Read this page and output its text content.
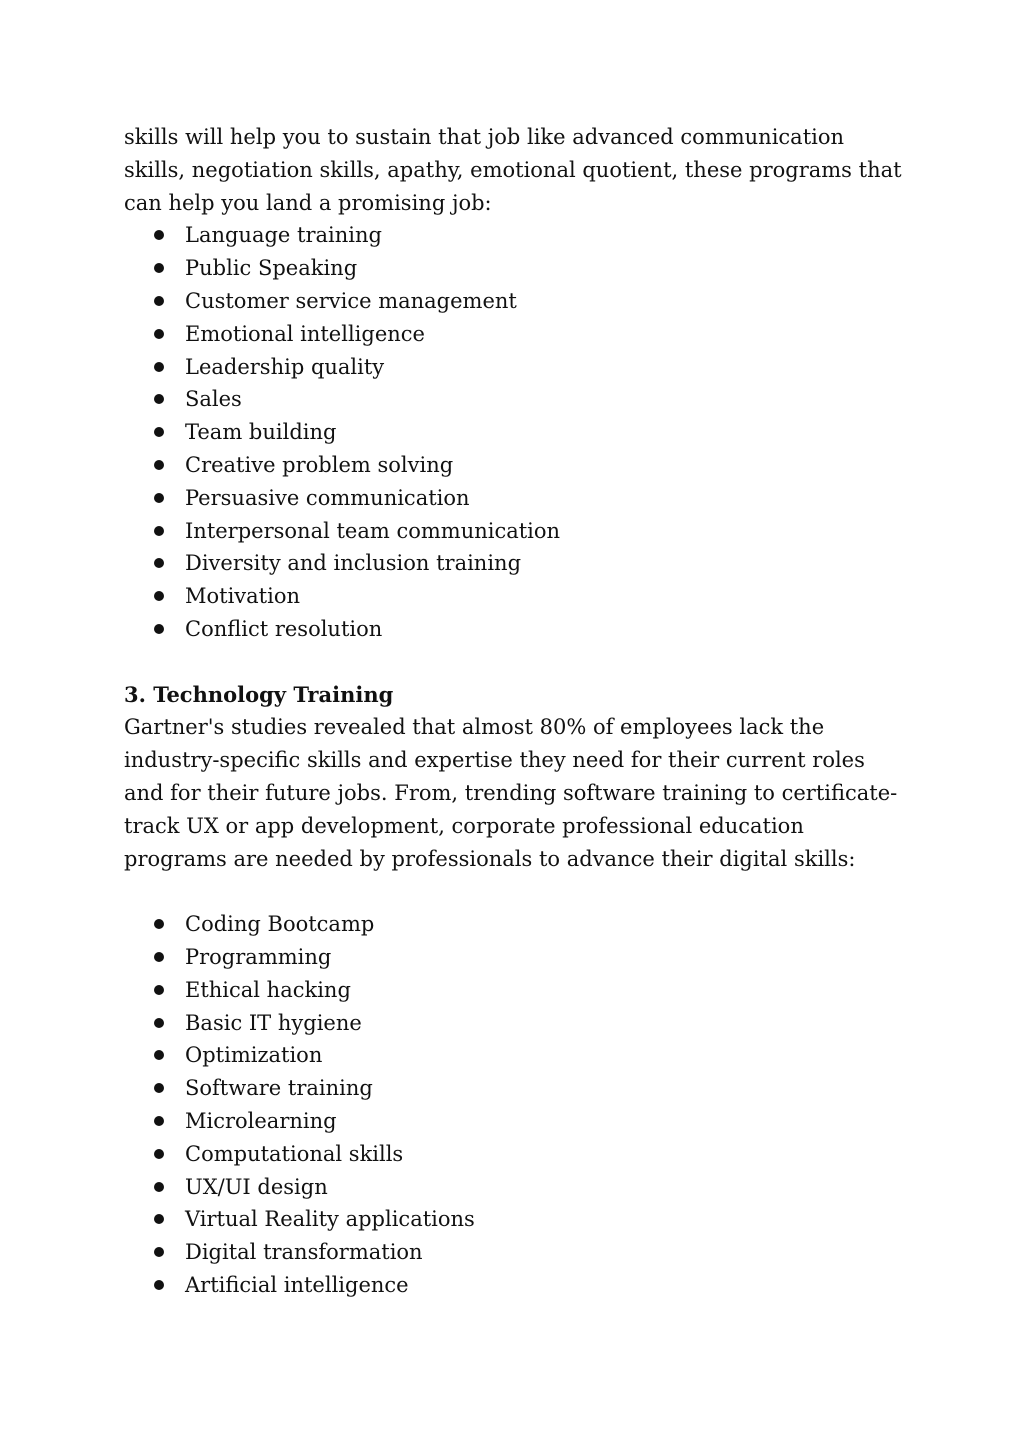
skills will help you to sustain that job like advanced communication skills, negotiation skills, apathy, emotional quotient, these programs that can help you land a promising job:

Language training
Public Speaking
Customer service management
Emotional intelligence
Leadership quality
Sales
Team building
Creative problem solving
Persuasive communication
Interpersonal team communication
Diversity and inclusion training
Motivation
Conflict resolution

3. Technology Training

Gartner's studies revealed that almost 80% of employees lack the industry-specific skills and expertise they need for their current roles and for their future jobs. From, trending software training to certificate-track UX or app development, corporate professional education programs are needed by professionals to advance their digital skills:

Coding Bootcamp
Programming
Ethical hacking
Basic IT hygiene
Optimization
Software training
Microlearning
Computational skills
UX/UI design
Virtual Reality applications
Digital transformation
Artificial intelligence
